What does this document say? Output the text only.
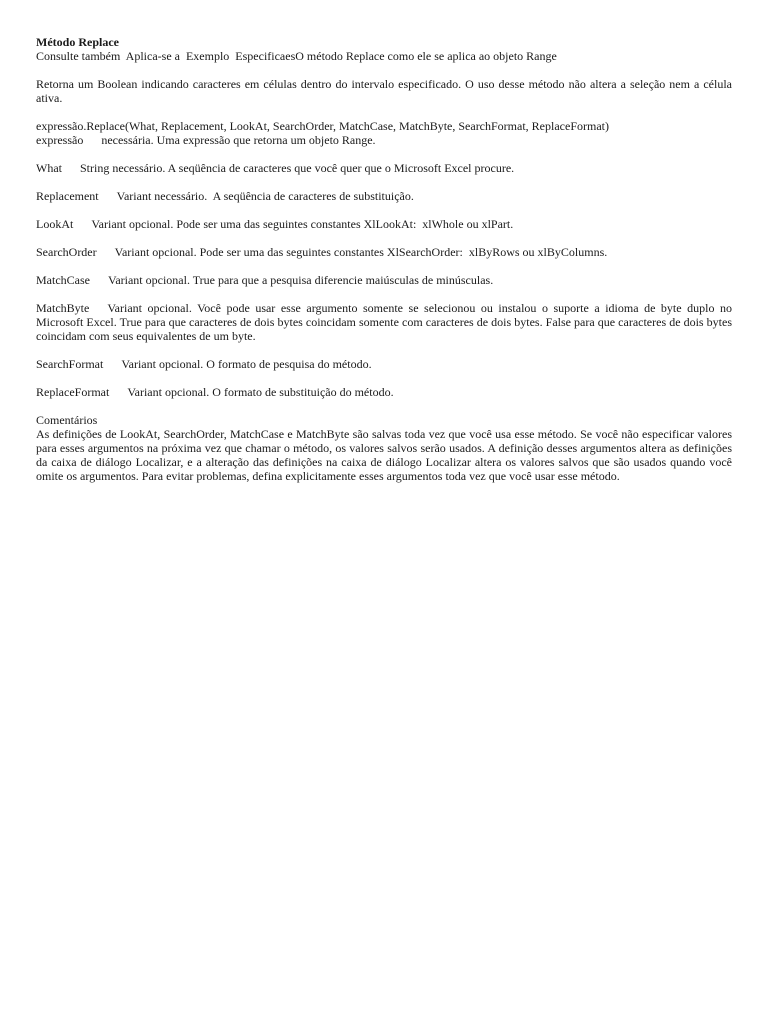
Método Replace

Consulte também  Aplica-se a  Exemplo  EspecificaesO método Replace como ele se aplica ao objeto Range

Retorna um Boolean indicando caracteres em células dentro do intervalo especificado. O uso desse método não altera a seleção nem a célula ativa.

expressão.Replace(What, Replacement, LookAt, SearchOrder, MatchCase, MatchByte, SearchFormat, ReplaceFormat)

expressão necessária. Uma expressão que retorna um objeto Range.

What String necessário. A seqüência de caracteres que você quer que o Microsoft Excel procure.

Replacement Variant necessário.  A seqüência de caracteres de substituição.

LookAt Variant opcional. Pode ser uma das seguintes constantes XlLookAt:  xlWhole ou xlPart.

SearchOrder Variant opcional. Pode ser uma das seguintes constantes XlSearchOrder:  xlByRows ou xlByColumns.

MatchCase Variant opcional. True para que a pesquisa diferencie maiúsculas de minúsculas.

MatchByte Variant opcional. Você pode usar esse argumento somente se selecionou ou instalou o suporte a idioma de byte duplo no Microsoft Excel. True para que caracteres de dois bytes coincidam somente com caracteres de dois bytes. False para que caracteres de dois bytes coincidam com seus equivalentes de um byte.

SearchFormat Variant opcional. O formato de pesquisa do método.

ReplaceFormat Variant opcional. O formato de substituição do método.

Comentários

As definições de LookAt, SearchOrder, MatchCase e MatchByte são salvas toda vez que você usa esse método. Se você não especificar valores para esses argumentos na próxima vez que chamar o método, os valores salvos serão usados. A definição desses argumentos altera as definições da caixa de diálogo Localizar, e a alteração das definições na caixa de diálogo Localizar altera os valores salvos que são usados quando você omite os argumentos. Para evitar problemas, defina explicitamente esses argumentos toda vez que você usar esse método.
